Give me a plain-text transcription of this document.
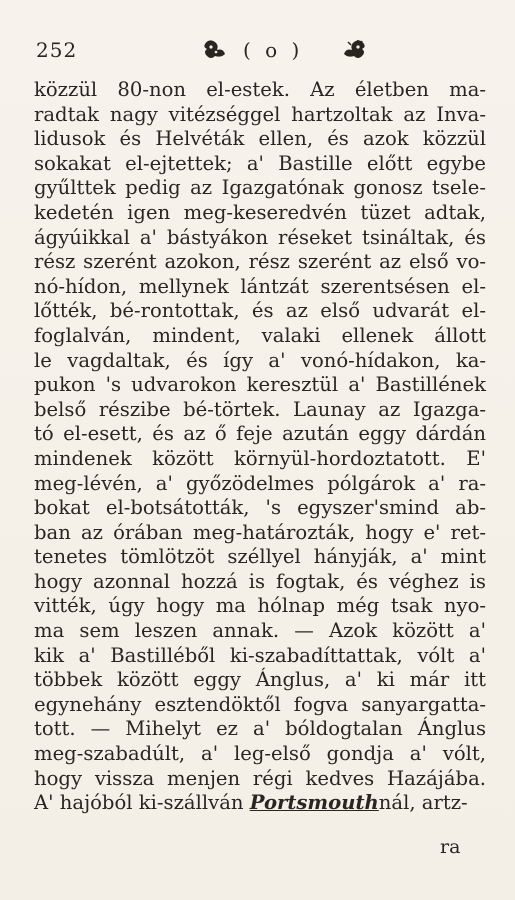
252	( o )
közzül 80-non el-estek. Az életben ma-
radtak nagy vitézséggel hartzoltak az Inva-
lidusok és Helvéták ellen, és azok közzül
sokakat el-ejtettek; a' Bastille előtt egybe
gyűlttek pedig az Igazgatónak gonosz tsele-
kedetén igen meg-keseredvén tüzet adtak,
ágyúikkal a' bástyákon réseket tsináltak, és
rész szerént azokon, rész szerént az első vo-
nó-hídon, mellynek lántzát szerentsésen el-
lőtték, bé-rontottak, és az első udvarát el-
foglalván, mindent, valaki ellenek állott
le vagdaltak, és így a' vonó-hídakon, ka-
pukon 's udvarokon keresztül a' Bastillének
belső részibe bé-törtek. Launay az Igazga-
tó el-esett, és az ő feje azután eggy dárdán
mindenek között környül-hordoztatott. E'
meg-lévén, a' győzödelmes pólgárok a' ra-
bokat el-botsátották, 's egyszer'smind ab-
ban az órában meg-határozták, hogy e' ret-
tenetes tömlötzöt széllyel hányják, a' mint
hogy azonnal hozzá is fogtak, és véghez is
vitték, úgy hogy ma hólnap még tsak nyo-
ma sem leszen annak. — Azok között a'
kik a' Bastilléből ki-szabadíttattak, vólt a'
többek között eggy Ánglus, a' ki már itt
egynehány esztendöktől fogva sanyargatta-
tott. — Mihelyt ez a' bóldogtalan Ánglus
meg-szabadúlt, a' leg-első gondja a' vólt,
hogy vissza menjen régi kedves Hazájába.
A' hajóból ki-szállván Portsmouthnál, artz-
ra
